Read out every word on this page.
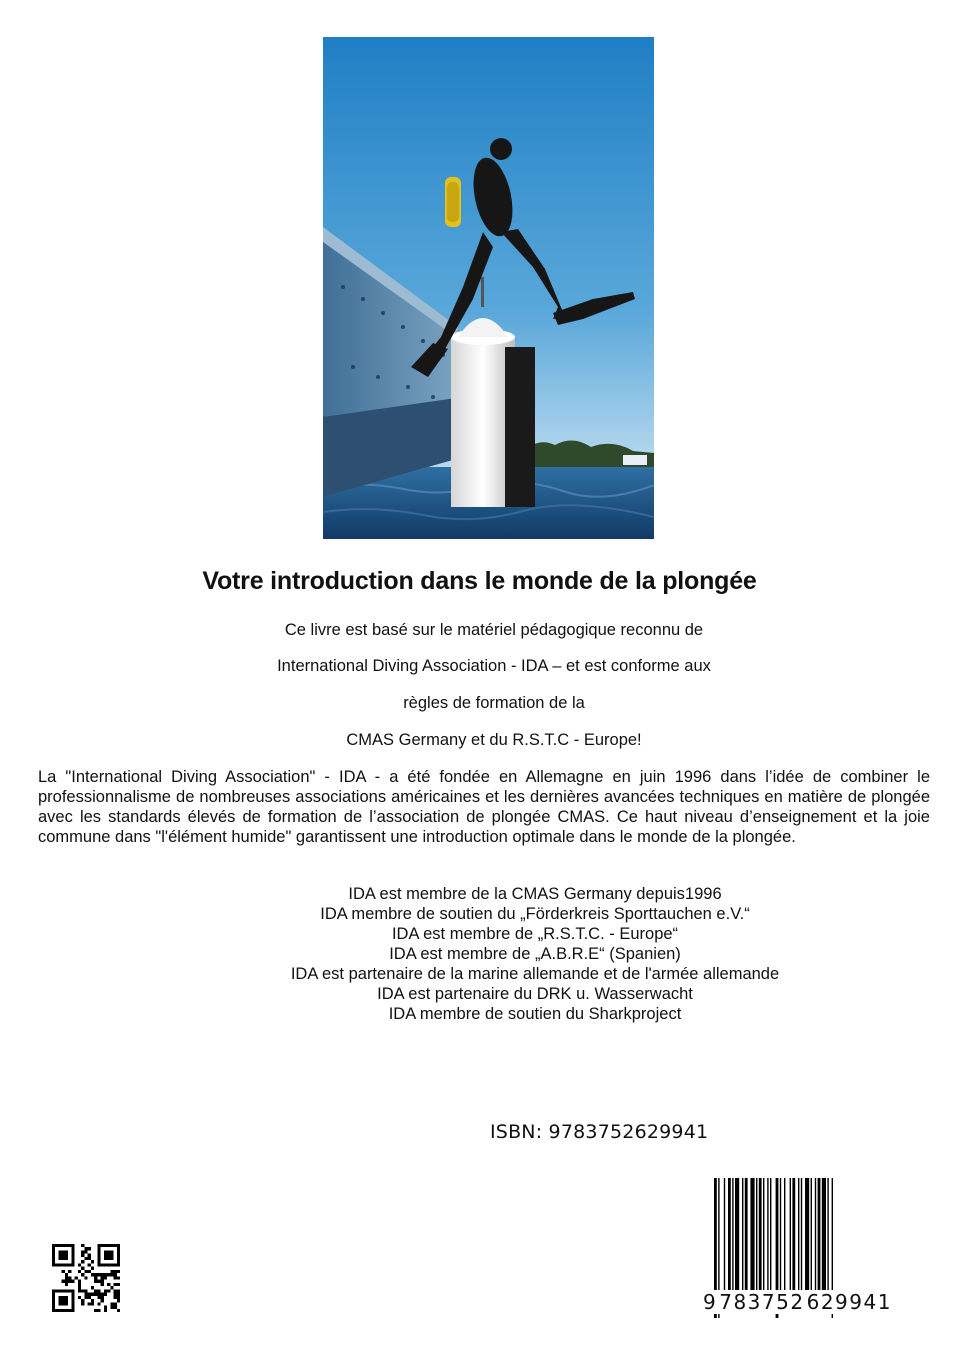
Votre introduction dans le monde de la plongée

Ce livre est basé sur le matériel pédagogique reconnu de

International Diving Association - IDA – et est conforme aux

règles de formation de la

CMAS Germany et du R.S.T.C - Europe!

La "International Diving Association" - IDA - a été fondée en Allemagne en juin 1996 dans l’idée de combiner le professionnalisme de nombreuses associations américaines et les dernières avancées techniques en matière de plongée avec les standards élevés de formation de l’association de plongée CMAS. Ce haut niveau d’enseignement et la joie commune dans "l'élément humide" garantissent une introduction optimale dans le monde de la plongée.

IDA est membre de la CMAS Germany depuis1996
IDA membre de soutien du „Förderkreis Sporttauchen e.V.“
IDA est membre de „R.S.T.C. - Europe“
IDA est membre de „A.B.R.E“ (Spanien)
IDA est partenaire de la marine allemande et de l'armée allemande
IDA est partenaire du DRK u. Wasserwacht
IDA membre de soutien du Sharkproject

ISBN: 9783752629941

9 783752 629941
